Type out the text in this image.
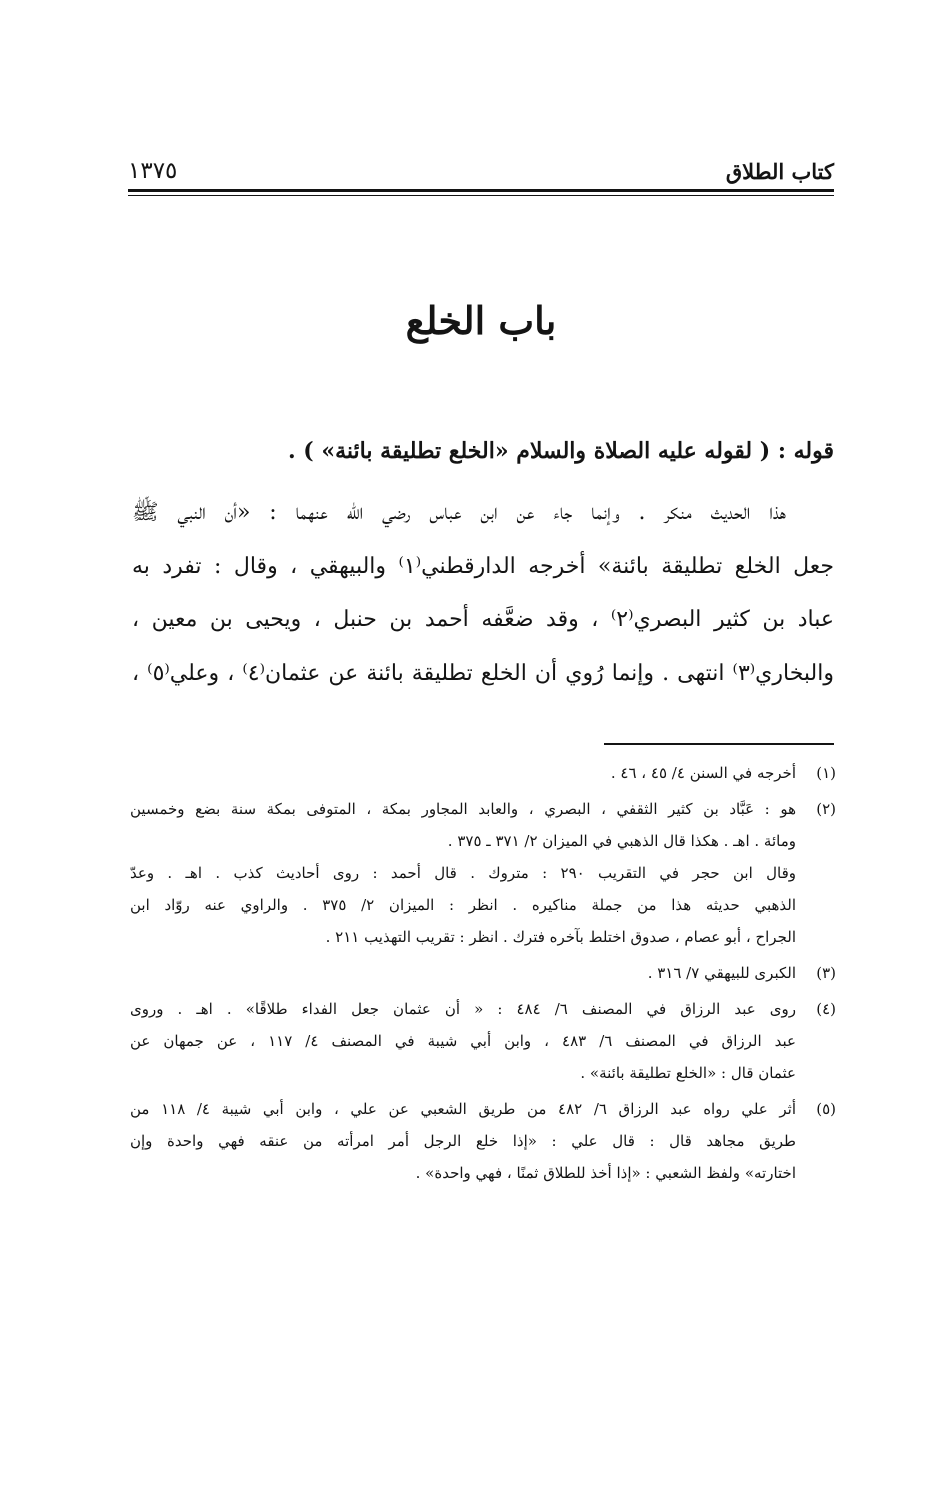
كتاب الطلاق
١٣٧٥
باب الخلع

قوله : ( لقوله عليه الصلاة والسلام «الخلع تطليقة بائنة» ) .

هذا الحديث منكر . وإنما جاء عن ابن عباس رضي الله عنهما : «أن النبي ﷺ

جعل الخلع تطليقة بائنة» أخرجه الدارقطني⁽١⁾ والبيهقي ، وقال : تفرد به

عباد بن كثير البصري⁽٢⁾ ، وقد ضعَّفه أحمد بن حنبل ، ويحيى بن معين ،

والبخاري⁽٣⁾ انتهى . وإنما رُوي أن الخلع تطليقة بائنة عن عثمان⁽٤⁾ ، وعلي⁽٥⁾ ،

(١)

أخرجه في السنن ٤/ ٤٥ ، ٤٦ .

(٢)

هو : عَبَّاد بن كثير الثقفي ، البصري ، والعابد المجاور بمكة ، المتوفى بمكة سنة بضع وخمسين

ومائة . اهـ . هكذا قال الذهبي في الميزان ٢/ ٣٧١ ـ ٣٧٥ .

وقال ابن حجر في التقريب ٢٩٠ : متروك . قال أحمد : روى أحاديث كذب . اهـ . وعدّ

الذهبي حديثه هذا من جملة مناكيره . انظر : الميزان ٢/ ٣٧٥ . والراوي عنه روّاد ابن

الجراح ، أبو عصام ، صدوق اختلط بآخره فترك . انظر : تقريب التهذيب ٢١١ .

(٣)

الكبرى للبيهقي ٧/ ٣١٦ .

(٤)

روى عبد الرزاق في المصنف ٦/ ٤٨٤ : « أن عثمان جعل الفداء طلاقًا» . اهـ . وروى

عبد الرزاق في المصنف ٦/ ٤٨٣ ، وابن أبي شيبة في المصنف ٤/ ١١٧ ، عن جمهان عن

عثمان قال : «الخلع تطليقة بائنة» .

(٥)

أثر علي رواه عبد الرزاق ٦/ ٤٨٢ من طريق الشعبي عن علي ، وابن أبي شيبة ٤/ ١١٨ من

طريق مجاهد قال : قال علي : «إذا خلع الرجل أمر امرأته من عنقه فهي واحدة وإن

اختارته» ولفظ الشعبي : «إذا أخذ للطلاق ثمنًا ، فهي واحدة» .
